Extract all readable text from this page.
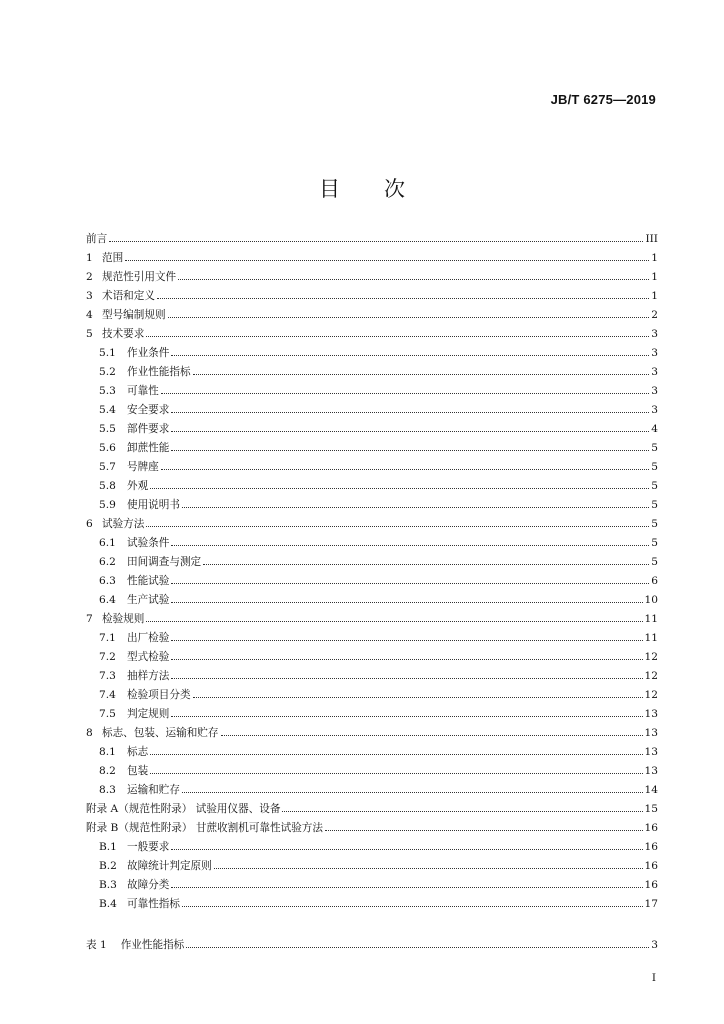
JB/T 6275—2019
目 次
前言	III
1 范围	1
2 规范性引用文件	1
3 术语和定义	1
4 型号编制规则	2
5 技术要求	3
5.1	作业条件	3
5.2	作业性能指标	3
5.3	可靠性	3
5.4	安全要求	3
5.5	部件要求	4
5.6	卸蔗性能	5
5.7	号牌座	5
5.8	外观	5
5.9	使用说明书	5
6 试验方法	5
6.1	试验条件	5
6.2	田间调查与测定	5
6.3	性能试验	6
6.4	生产试验	10
7 检验规则	11
7.1	出厂检验	11
7.2	型式检验	12
7.3	抽样方法	12
7.4	检验项目分类	12
7.5	判定规则	13
8 标志、包装、运输和贮存	13
8.1	标志	13
8.2	包装	13
8.3	运输和贮存	14
附录 A（规范性附录） 试验用仪器、设备	15
附录 B（规范性附录） 甘蔗收割机可靠性试验方法	16
B.1 一般要求	16
B.2 故障统计判定原则	16
B.3 故障分类	16
B.4 可靠性指标	17
表 1 作业性能指标	3
I
